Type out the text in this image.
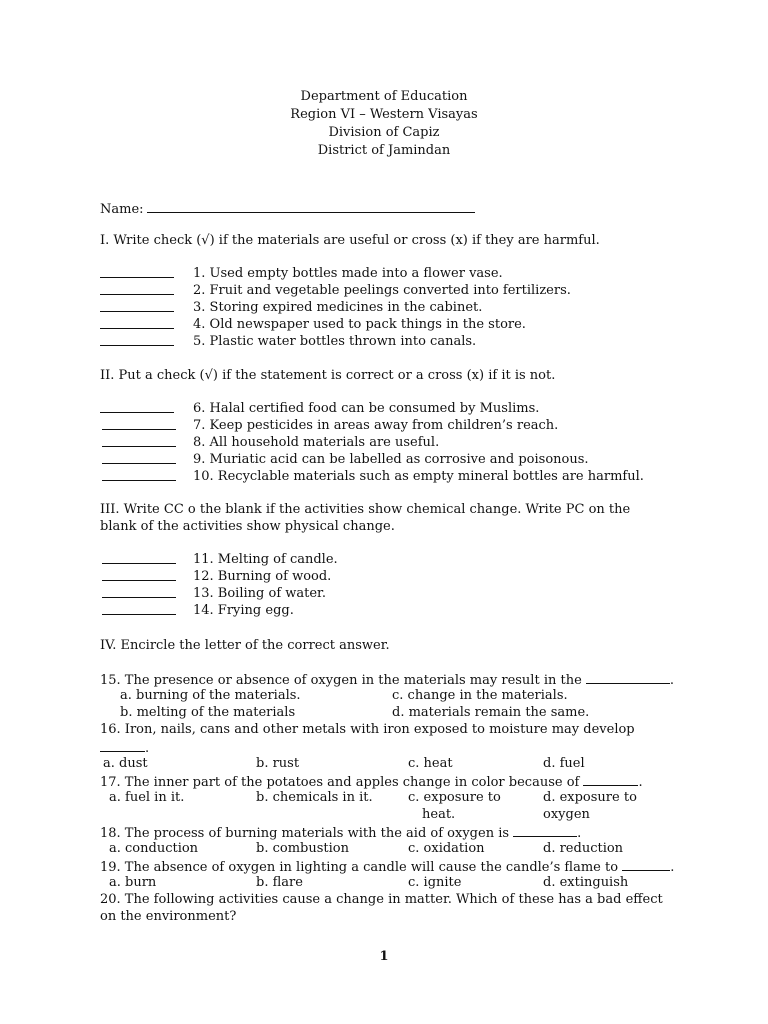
Department of Education
Region VI – Western Visayas
Division of Capiz
District of Jamindan
Name:
I. Write check (√) if the materials are useful or cross (x) if they are harmful.
1. Used empty bottles made into a flower vase.
2. Fruit and vegetable peelings converted into fertilizers.
3. Storing expired medicines in the cabinet.
4. Old newspaper used to pack things in the store.
5. Plastic water bottles thrown into canals.
II. Put a check (√) if the statement is correct or a cross (x) if it is not.
6. Halal certified food can be consumed by Muslims.
7. Keep pesticides in areas away from children’s reach.
8. All household materials are useful.
9. Muriatic acid can be labelled as corrosive and poisonous.
10. Recyclable materials such as empty mineral bottles are harmful.
III. Write CC o the blank if the activities show chemical change. Write PC on the blank of the activities show physical change.
11. Melting of candle.
12. Burning of wood.
13. Boiling of water.
14. Frying egg.
IV. Encircle the letter of the correct answer.
15. The presence or absence of oxygen in the materials may result in the	.
a. burning of the materials.	c. change in the materials.
b. melting of the materials	d. materials remain the same.
16. Iron, nails, cans and other metals with iron exposed to moisture may develop
.
a. dust	b. rust	c. heat	d. fuel
17. The inner part of the potatoes and apples change in color because of	.
a. fuel in it.	b. chemicals in it.	c. exposure to
heat.
d. exposure to
oxygen
18. The process of burning materials with the aid of oxygen is	.
a. conduction	b. combustion	c. oxidation	d. reduction
19. The absence of oxygen in lighting a candle will cause the candle’s flame to	.
a. burn	b. flare	c. ignite	d. extinguish
20. The following activities cause a change in matter. Which of these has a bad effect
on the environment?
1
